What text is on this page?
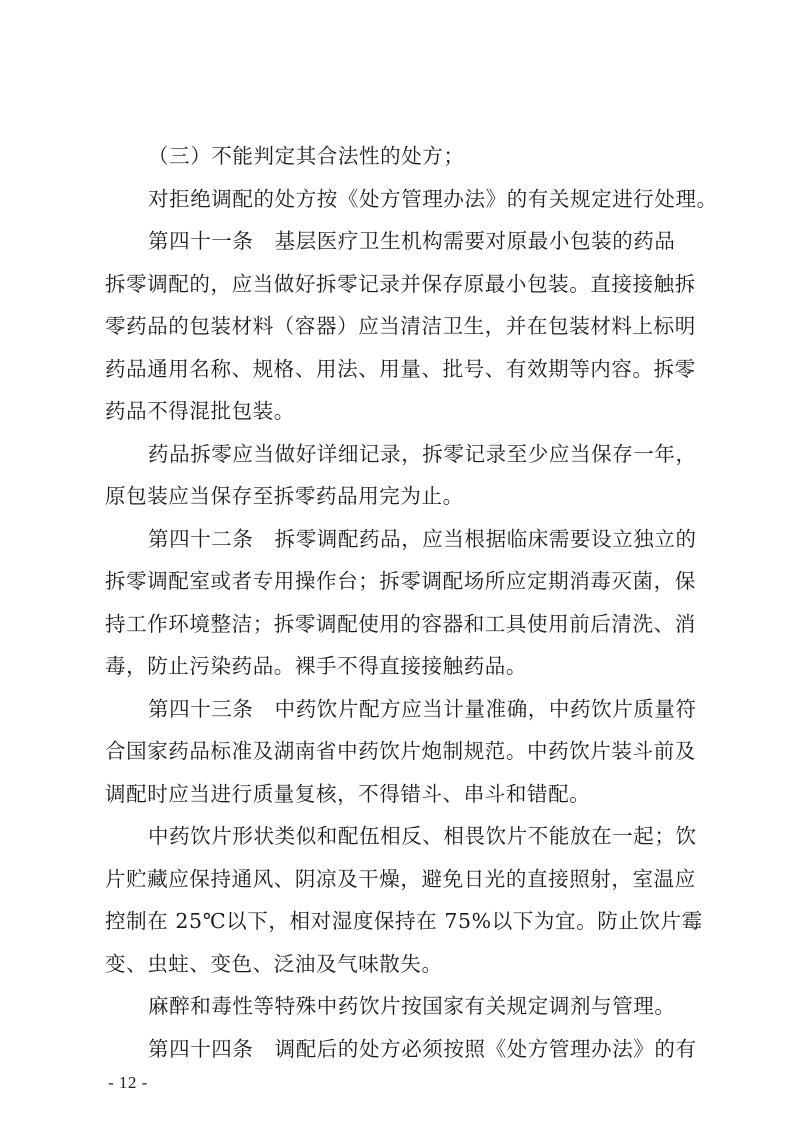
（三）不能判定其合法性的处方；
对拒绝调配的处方按《处方管理办法》的有关规定进行处理。
第四十一条　基层医疗卫生机构需要对原最小包装的药品
拆零调配的，应当做好拆零记录并保存原最小包装。直接接触拆
零药品的包装材料（容器）应当清洁卫生，并在包装材料上标明
药品通用名称、规格、用法、用量、批号、有效期等内容。拆零
药品不得混批包装。
药品拆零应当做好详细记录，拆零记录至少应当保存一年，
原包装应当保存至拆零药品用完为止。
第四十二条　拆零调配药品，应当根据临床需要设立独立的
拆零调配室或者专用操作台；拆零调配场所应定期消毒灭菌，保
持工作环境整洁；拆零调配使用的容器和工具使用前后清洗、消
毒，防止污染药品。裸手不得直接接触药品。
第四十三条　中药饮片配方应当计量准确，中药饮片质量符
合国家药品标准及湖南省中药饮片炮制规范。中药饮片装斗前及
调配时应当进行质量复核，不得错斗、串斗和错配。
中药饮片形状类似和配伍相反、相畏饮片不能放在一起；饮
片贮藏应保持通风、阴凉及干燥，避免日光的直接照射，室温应
控制在 25℃以下，相对湿度保持在 75%以下为宜。防止饮片霉
变、虫蛀、变色、泛油及气味散失。
麻醉和毒性等特殊中药饮片按国家有关规定调剂与管理。
第四十四条　调配后的处方必须按照《处方管理办法》的有
- 12 -
